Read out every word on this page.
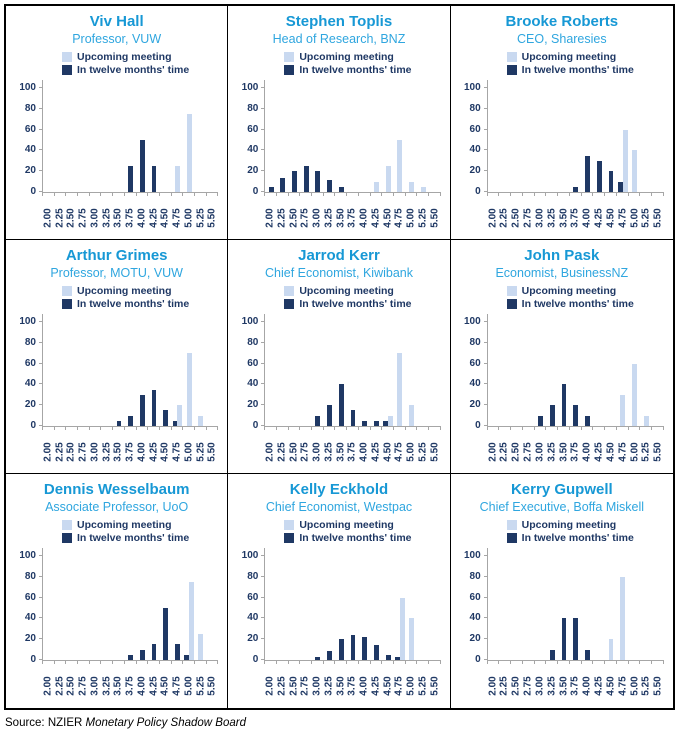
Viv Hall
Professor, VUW
Upcoming meeting
In twelve months' time
0
20
40
60
80
100
2.00 2.25 2.50 2.75 3.00 3.25 3.50 3.75 4.00 4.25 4.50 4.75 5.00 5.25 5.50
Stephen Toplis
Head of Research, BNZ
Upcoming meeting
In twelve months' time
0
20
40
60
80
100
2.00 2.25 2.50 2.75 3.00 3.25 3.50 3.75 4.00 4.25 4.50 4.75 5.00 5.25 5.50
Brooke Roberts
CEO, Sharesies
Upcoming meeting
In twelve months' time
0
20
40
60
80
100
2.00 2.25 2.50 2.75 3.00 3.25 3.50 3.75 4.00 4.25 4.50 4.75 5.00 5.25 5.50
Arthur Grimes
Professor, MOTU, VUW
Upcoming meeting
In twelve months' time
0
20
40
60
80
100
2.00 2.25 2.50 2.75 3.00 3.25 3.50 3.75 4.00 4.25 4.50 4.75 5.00 5.25 5.50
Jarrod Kerr
Chief Economist, Kiwibank
Upcoming meeting
In twelve months' time
0
20
40
60
80
100
2.00 2.25 2.50 2.75 3.00 3.25 3.50 3.75 4.00 4.25 4.50 4.75 5.00 5.25 5.50
John Pask
Economist, BusinessNZ
Upcoming meeting
In twelve months' time
0
20
40
60
80
100
2.00 2.25 2.50 2.75 3.00 3.25 3.50 3.75 4.00 4.25 4.50 4.75 5.00 5.25 5.50
Dennis Wesselbaum
Associate Professor, UoO
Upcoming meeting
In twelve months' time
0
20
40
60
80
100
2.00 2.25 2.50 2.75 3.00 3.25 3.50 3.75 4.00 4.25 4.50 4.75 5.00 5.25 5.50
Kelly Eckhold
Chief Economist, Westpac
Upcoming meeting
In twelve months' time
0
20
40
60
80
100
2.00 2.25 2.50 2.75 3.00 3.25 3.50 3.75 4.00 4.25 4.50 4.75 5.00 5.25 5.50
Kerry Gupwell
Chief Executive, Boffa Miskell
Upcoming meeting
In twelve months' time
0
20
40
60
80
100
2.00 2.25 2.50 2.75 3.00 3.25 3.50 3.75 4.00 4.25 4.50 4.75 5.00 5.25 5.50
Source: NZIER Monetary Policy Shadow Board
